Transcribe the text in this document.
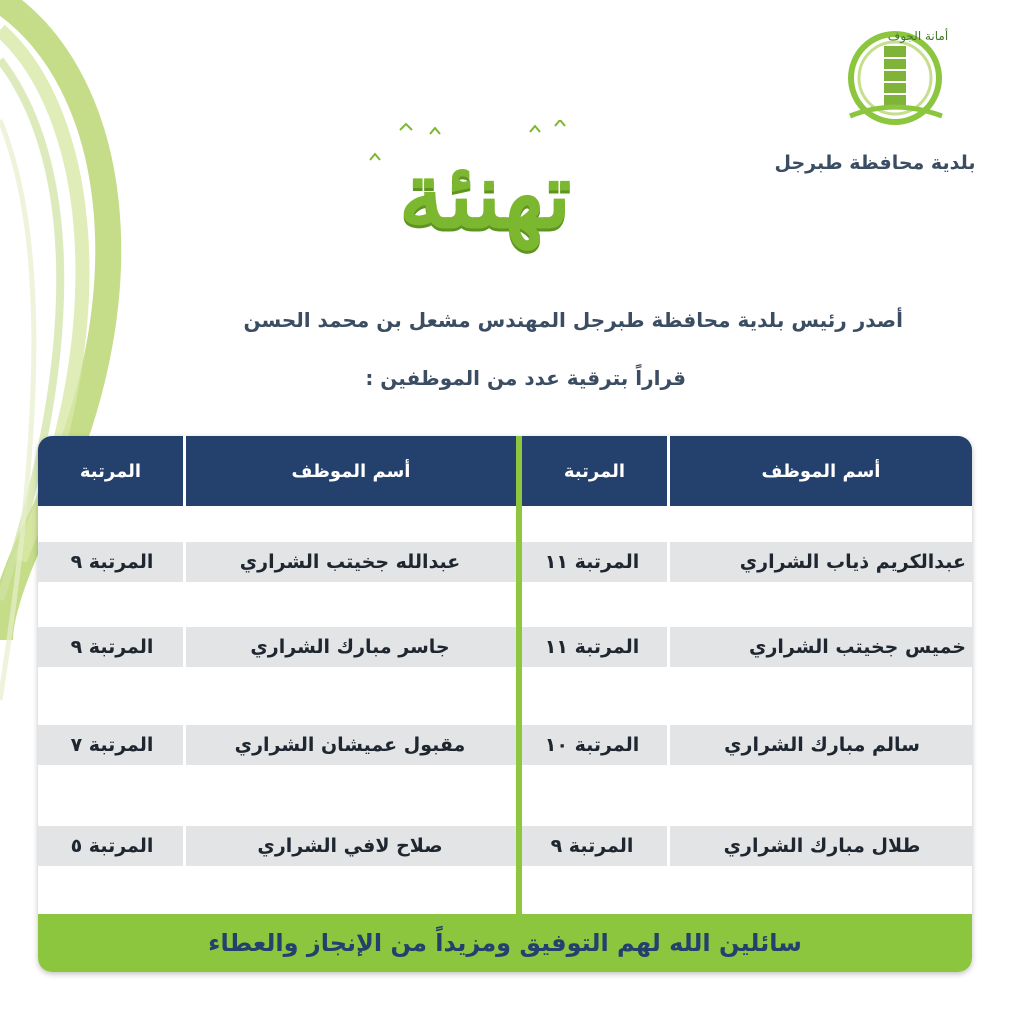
أمانة الجوف
بلدية محافظة طبرجل
تهنئة
أصدر رئيس بلدية محافظة طبرجل المهندس مشعل بن محمد الحسن
قراراً بترقية عدد من الموظفين :
أسم الموظف
المرتبة
أسم الموظف
المرتبة
عبدالكريم ذياب الشراري
المرتبة ١١
خميس جخيتب الشراري
المرتبة ١١
سالم مبارك الشراري
المرتبة ١٠
طلال مبارك الشراري
المرتبة ٩
عبدالله جخيتب الشراري
المرتبة ٩
جاسر مبارك الشراري
المرتبة ٩
مقبول عميشان الشراري
المرتبة ٧
صلاح لافي الشراري
المرتبة ٥
سائلين الله لهم التوفيق ومزيداً من الإنجاز والعطاء
